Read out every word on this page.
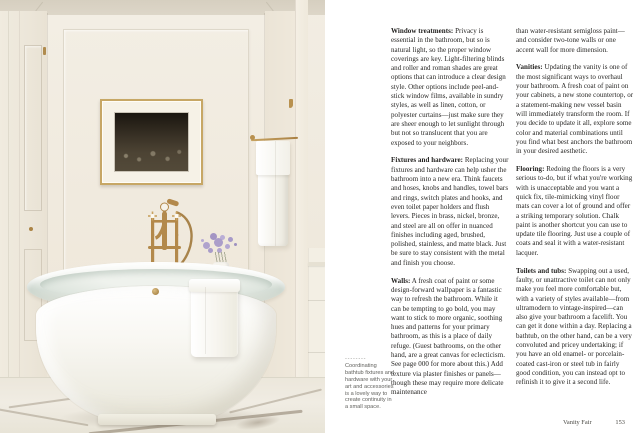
-------- Coordinating bathtub fixtures and hardware with your art and accessories is a lovely way to create continuity in a small space.

Window treatments: Privacy is essential in the bathroom, but so is natural light, so the proper window coverings are key. Light-filtering blinds and roller and roman shades are great options that can introduce a clear design style. Other options include peel-and-stick window films, available in sundry styles, as well as linen, cotton, or polyester curtains—just make sure they are sheer enough to let sunlight through but not so translucent that you are exposed to your neighbors.

Fixtures and hardware: Replacing your fixtures and hardware can help usher the bathroom into a new era. Think faucets and hoses, knobs and handles, towel bars and rings, switch plates and hooks, and even toilet paper holders and flush levers. Pieces in brass, nickel, bronze, and steel are all on offer in nuanced finishes including aged, brushed, polished, stainless, and matte black. Just be sure to stay consistent with the metal and finish you choose.

Walls: A fresh coat of paint or some design-forward wallpaper is a fantastic way to refresh the bathroom. While it can be tempting to go bold, you may want to stick to more organic, soothing hues and patterns for your primary bathroom, as this is a place of daily refuge. (Guest bathrooms, on the other hand, are a great canvas for eclecticism. See page 000 for more about this.) Add texture via plaster finishes or panels—though these may require more delicate maintenance

than water-resistant semigloss paint—and consider two-tone walls or one accent wall for more dimension.

Vanities: Updating the vanity is one of the most significant ways to overhaul your bathroom. A fresh coat of paint on your cabinets, a new stone countertop, or a statement-making new vessel basin will immediately transform the room. If you decide to update it all, explore some color and material combinations until you find what best anchors the bathroom in your desired aesthetic.

Flooring: Redoing the floors is a very serious to-do, but if what you're working with is unacceptable and you want a quick fix, tile-mimicking vinyl floor mats can cover a lot of ground and offer a striking temporary solution. Chalk paint is another shortcut you can use to update tile flooring. Just use a couple of coats and seal it with a water-resistant lacquer.

Toilets and tubs: Swapping out a used, faulty, or unattractive toilet can not only make you feel more comfortable but, with a variety of styles available—from ultramodern to vintage-inspired—can also give your bathroom a facelift. You can get it done within a day. Replacing a bathtub, on the other hand, can be a very convoluted and pricey undertaking; if you have an old enamel- or porcelain-coated cast-iron or steel tub in fairly good condition, you can instead opt to refinish it to give it a second life.

Vanity Fair	153
